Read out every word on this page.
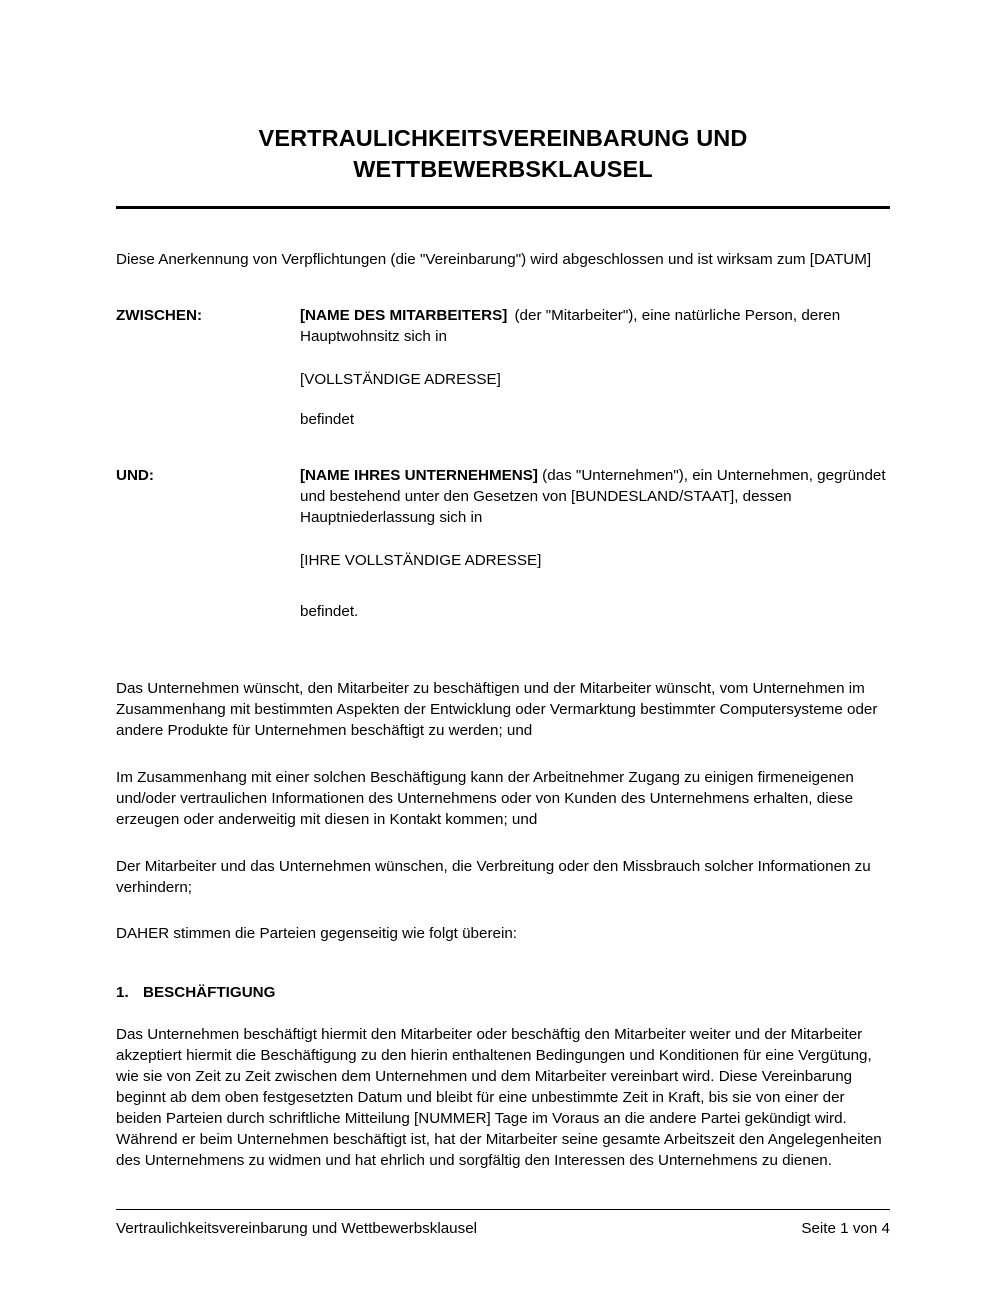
VERTRAULICHKEITSVEREINBARUNG UND WETTBEWERBSKLAUSEL

Diese Anerkennung von Verpflichtungen (die "Vereinbarung") wird abgeschlossen und ist wirksam zum [DATUM]

ZWISCHEN:	[NAME DES MITARBEITERS] (der "Mitarbeiter"), eine natürliche Person, deren Hauptwohnsitz sich in

[VOLLSTÄNDIGE ADRESSE]

befindet

UND:	[NAME IHRES UNTERNEHMENS] (das "Unternehmen"), ein Unternehmen, gegründet und bestehend unter den Gesetzen von [BUNDESLAND/STAAT], dessen Hauptniederlassung sich in

[IHRE VOLLSTÄNDIGE ADRESSE]

befindet.

Das Unternehmen wünscht, den Mitarbeiter zu beschäftigen und der Mitarbeiter wünscht, vom Unternehmen im Zusammenhang mit bestimmten Aspekten der Entwicklung oder Vermarktung bestimmter Computersysteme oder andere Produkte für Unternehmen beschäftigt zu werden; und

Im Zusammenhang mit einer solchen Beschäftigung kann der Arbeitnehmer Zugang zu einigen firmeneigenen und/oder vertraulichen Informationen des Unternehmens oder von Kunden des Unternehmens erhalten, diese erzeugen oder anderweitig mit diesen in Kontakt kommen; und

Der Mitarbeiter und das Unternehmen wünschen, die Verbreitung oder den Missbrauch solcher Informationen zu verhindern;

DAHER stimmen die Parteien gegenseitig wie folgt überein:

1. BESCHÄFTIGUNG

Das Unternehmen beschäftigt hiermit den Mitarbeiter oder beschäftig den Mitarbeiter weiter und der Mitarbeiter akzeptiert hiermit die Beschäftigung zu den hierin enthaltenen Bedingungen und Konditionen für eine Vergütung, wie sie von Zeit zu Zeit zwischen dem Unternehmen und dem Mitarbeiter vereinbart wird. Diese Vereinbarung beginnt ab dem oben festgesetzten Datum und bleibt für eine unbestimmte Zeit in Kraft, bis sie von einer der beiden Parteien durch schriftliche Mitteilung [NUMMER] Tage im Voraus an die andere Partei gekündigt wird. Während er beim Unternehmen beschäftigt ist, hat der Mitarbeiter seine gesamte Arbeitszeit den Angelegenheiten des Unternehmens zu widmen und hat ehrlich und sorgfältig den Interessen des Unternehmens zu dienen.

Vertraulichkeitsvereinbarung und Wettbewerbsklausel	Seite 1 von 4
